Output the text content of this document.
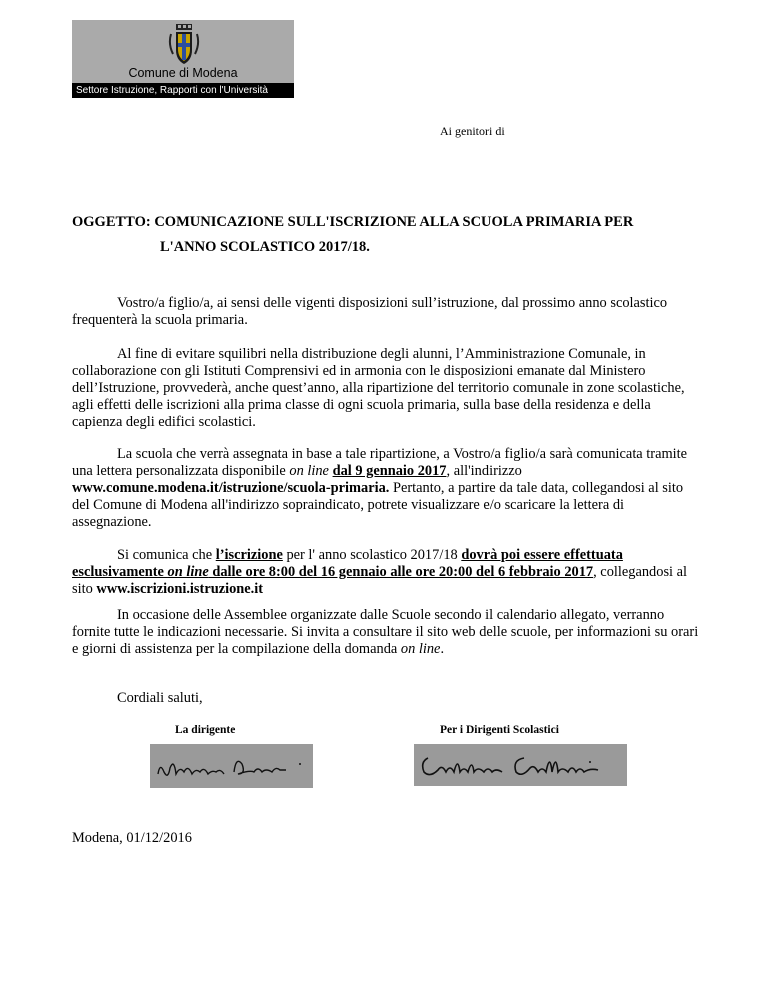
Comune di Modena
Settore Istruzione, Rapporti con l'Università
Ai genitori di
OGGETTO: COMUNICAZIONE SULL'ISCRIZIONE ALLA SCUOLA PRIMARIA PER
L'ANNO SCOLASTICO 2017/18.
Vostro/a figlio/a, ai sensi delle vigenti disposizioni sull’istruzione, dal prossimo anno scolastico frequenterà la scuola primaria.
Al fine di evitare squilibri nella distribuzione degli alunni, l’Amministrazione Comunale, in collaborazione con gli Istituti Comprensivi ed in armonia con le disposizioni emanate dal Ministero dell’Istruzione, provvederà, anche quest’anno, alla ripartizione del territorio comunale in zone scolastiche, agli effetti delle iscrizioni alla prima classe di ogni scuola primaria, sulla base della residenza e della capienza degli edifici scolastici.
La scuola che verrà assegnata in base a tale ripartizione, a Vostro/a figlio/a sarà comunicata tramite una lettera personalizzata disponibile on line dal 9 gennaio 2017, all'indirizzo www.comune.modena.it/istruzione/scuola-primaria. Pertanto, a partire da tale data, collegandosi al sito del Comune di Modena all'indirizzo sopraindicato, potrete visualizzare e/o scaricare la lettera di assegnazione.
Si comunica che l’iscrizione per l' anno scolastico 2017/18 dovrà poi essere effettuata esclusivamente on line dalle ore 8:00 del 16 gennaio alle ore 20:00 del 6 febbraio 2017, collegandosi al sito www.iscrizioni.istruzione.it
In occasione delle Assemblee organizzate dalle Scuole secondo il calendario allegato, verranno fornite tutte le indicazioni necessarie. Si invita a consultare il sito web delle scuole, per informazioni su orari e giorni di assistenza per la compilazione della domanda on line.
Cordiali saluti,
La dirigente	Per i Dirigenti Scolastici
Modena, 01/12/2016
